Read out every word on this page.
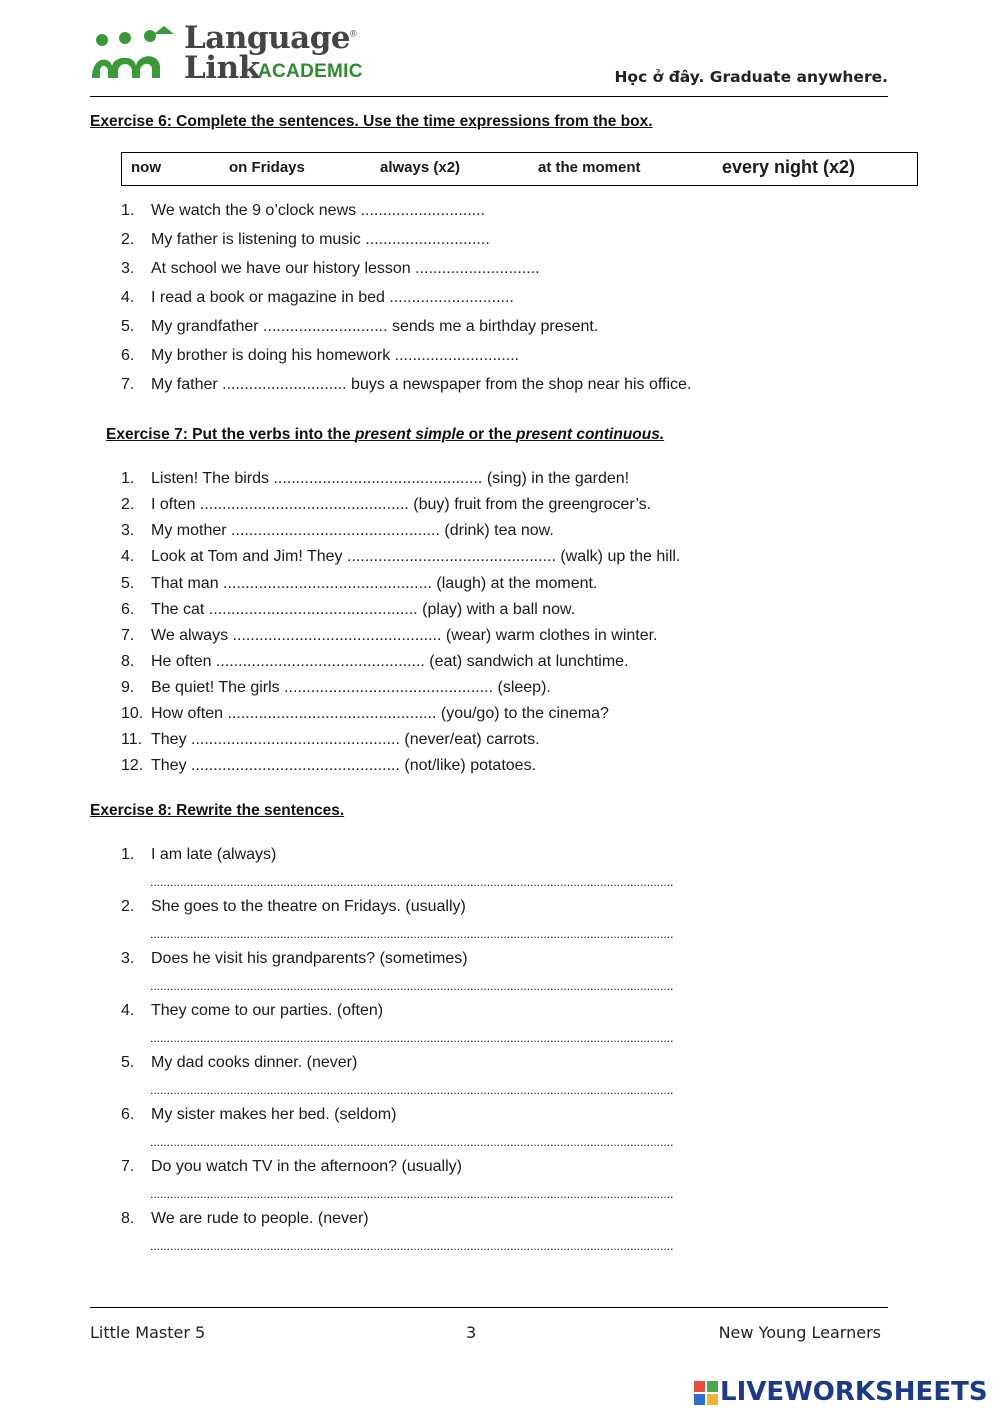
Language®
Link
ACADEMIC	Học ở đây. Graduate anywhere.
Exercise 6: Complete the sentences. Use the time expressions from the box.
now	on Fridays	always (x2)	at the moment	every night (x2)
1.	We watch the 9 o’clock news ............................
2.	My father is listening to music ............................
3.	At school we have our history lesson ............................
4.	I read a book or magazine in bed ............................
5.	My grandfather ............................ sends me a birthday present.
6.	My brother is doing his homework ............................
7.	My father ............................ buys a newspaper from the shop near his office.
Exercise 7: Put the verbs into the present simple or the present continuous.
1.	Listen! The birds ............................................... (sing) in the garden!
2.	I often ............................................... (buy) fruit from the greengrocer’s.
3.	My mother ............................................... (drink) tea now.
4.	Look at Tom and Jim! They ............................................... (walk) up the hill.
5.	That man ............................................... (laugh) at the moment.
6.	The cat ............................................... (play) with a ball now.
7.	We always ............................................... (wear) warm clothes in winter.
8.	He often ............................................... (eat) sandwich at lunchtime.
9.	Be quiet! The girls ............................................... (sleep).
10. How often ............................................... (you/go) to the cinema?
11. They ............................................... (never/eat) carrots.
12. They ............................................... (not/like) potatoes.
Exercise 8: Rewrite the sentences.
1.	I am late (always)
2.	She goes to the theatre on Fridays. (usually)
3.	Does he visit his grandparents? (sometimes)
4.	They come to our parties. (often)
5.	My dad cooks dinner. (never)
6.	My sister makes her bed. (seldom)
7.	Do you watch TV in the afternoon? (usually)
8.	We are rude to people. (never)
.............................................................................................................................................................
.............................................................................................................................................................
.............................................................................................................................................................
.............................................................................................................................................................
.............................................................................................................................................................
.............................................................................................................................................................
.............................................................................................................................................................
.............................................................................................................................................................
Little Master 5	3	New Young Learners
LIVEWORKSHEETS
